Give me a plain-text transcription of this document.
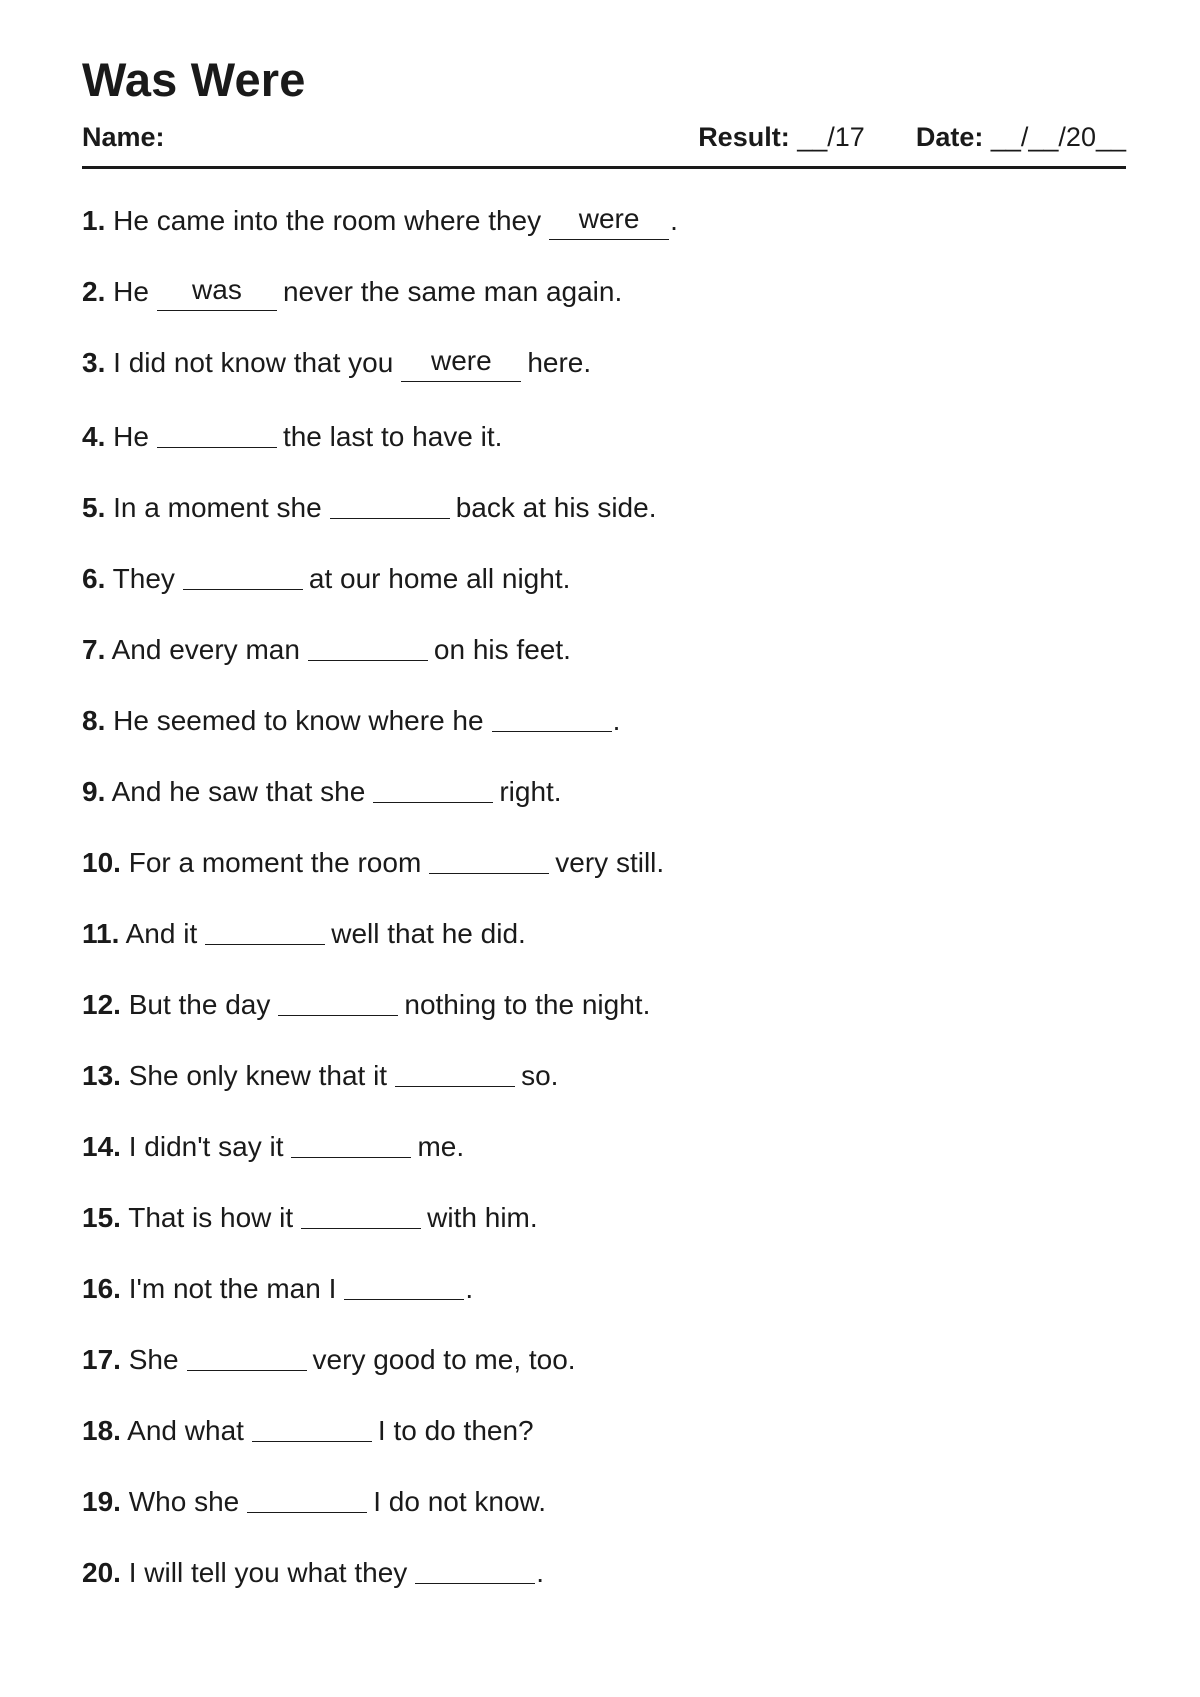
Was Were
Name:	Result: __/17 Date: __/__/20__
1. He came into the room where they were .
2. He was never the same man again.
3. I did not know that you were here.
4. He	the last to have it.
5. In a moment she	back at his side.
6. They	at our home all night.
7. And every man	on his feet.
8. He seemed to know where he	.
9. And he saw that she	right.
10. For a moment the room	very still.
11. And it	well that he did.
12. But the day	nothing to the night.
13. She only knew that it	so.
14. I didn't say it	me.
15. That is how it	with him.
16. I'm not the man I	.
17. She	very good to me, too.
18. And what	I to do then?
19. Who she	I do not know.
20. I will tell you what they	.
